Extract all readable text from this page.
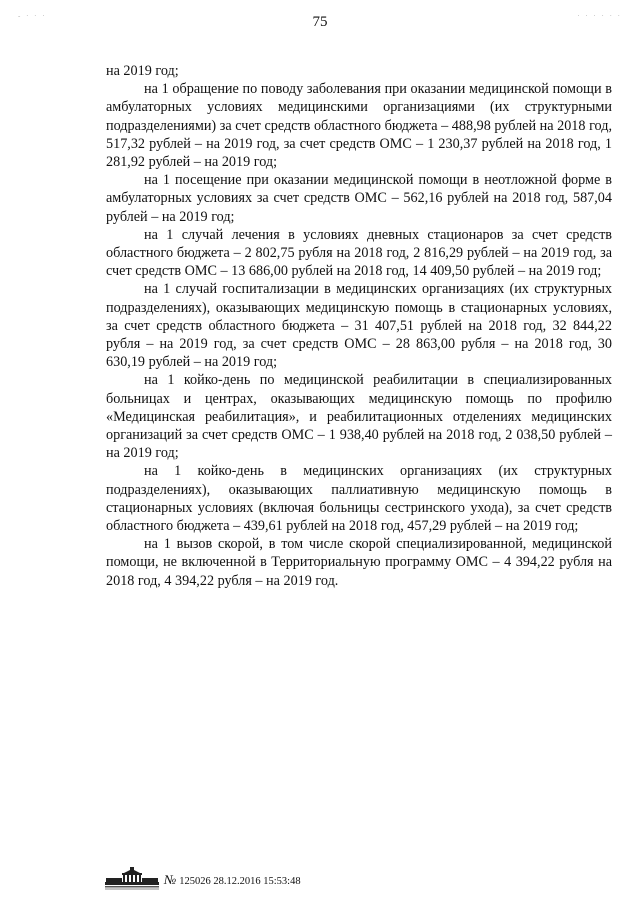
- · · ·	· · · · · ·
75

на 2019 год;

на 1 обращение по поводу заболевания при оказании медицинской помощи в амбулаторных условиях медицинскими организациями (их структурными подразделениями) за счет средств областного бюджета – 488,98 рублей на 2018 год, 517,32 рублей – на 2019 год, за счет средств ОМС – 1 230,37 рублей на 2018 год, 1 281,92 рублей – на 2019 год;

на 1 посещение при оказании медицинской помощи в неотложной форме в амбулаторных условиях за счет средств ОМС – 562,16 рублей на 2018 год, 587,04 рублей – на 2019 год;

на 1 случай лечения в условиях дневных стационаров за счет средств областного бюджета – 2 802,75 рубля на 2018 год, 2 816,29 рублей – на 2019 год, за счет средств ОМС – 13 686,00 рублей на 2018 год, 14 409,50 рублей – на 2019 год;

на 1 случай госпитализации в медицинских организациях (их структурных подразделениях), оказывающих медицинскую помощь в стационарных условиях, за счет средств областного бюджета – 31 407,51 рублей на 2018 год, 32 844,22 рубля – на 2019 год, за счет средств ОМС – 28 863,00 рубля – на 2018 год, 30 630,19 рублей – на 2019 год;

на 1 койко-день по медицинской реабилитации в специализированных больницах и центрах, оказывающих медицинскую помощь по профилю «Медицинская реабилитация», и реабилитационных отделениях медицинских организаций за счет средств ОМС – 1 938,40 рублей на 2018 год, 2 038,50 рублей – на 2019 год;

на 1 койко-день в медицинских организациях (их структурных подразделениях), оказывающих паллиативную медицинскую помощь в стационарных условиях (включая больницы сестринского ухода), за счет средств областного бюджета – 439,61 рублей на 2018 год, 457,29 рублей – на 2019 год;

на 1 вызов скорой, в том числе скорой специализированной, медицинской помощи, не включенной в Территориальную программу ОМС – 4 394,22 рубля на 2018 год, 4 394,22 рубля – на 2019 год.

№ 125026 28.12.2016 15:53:48
